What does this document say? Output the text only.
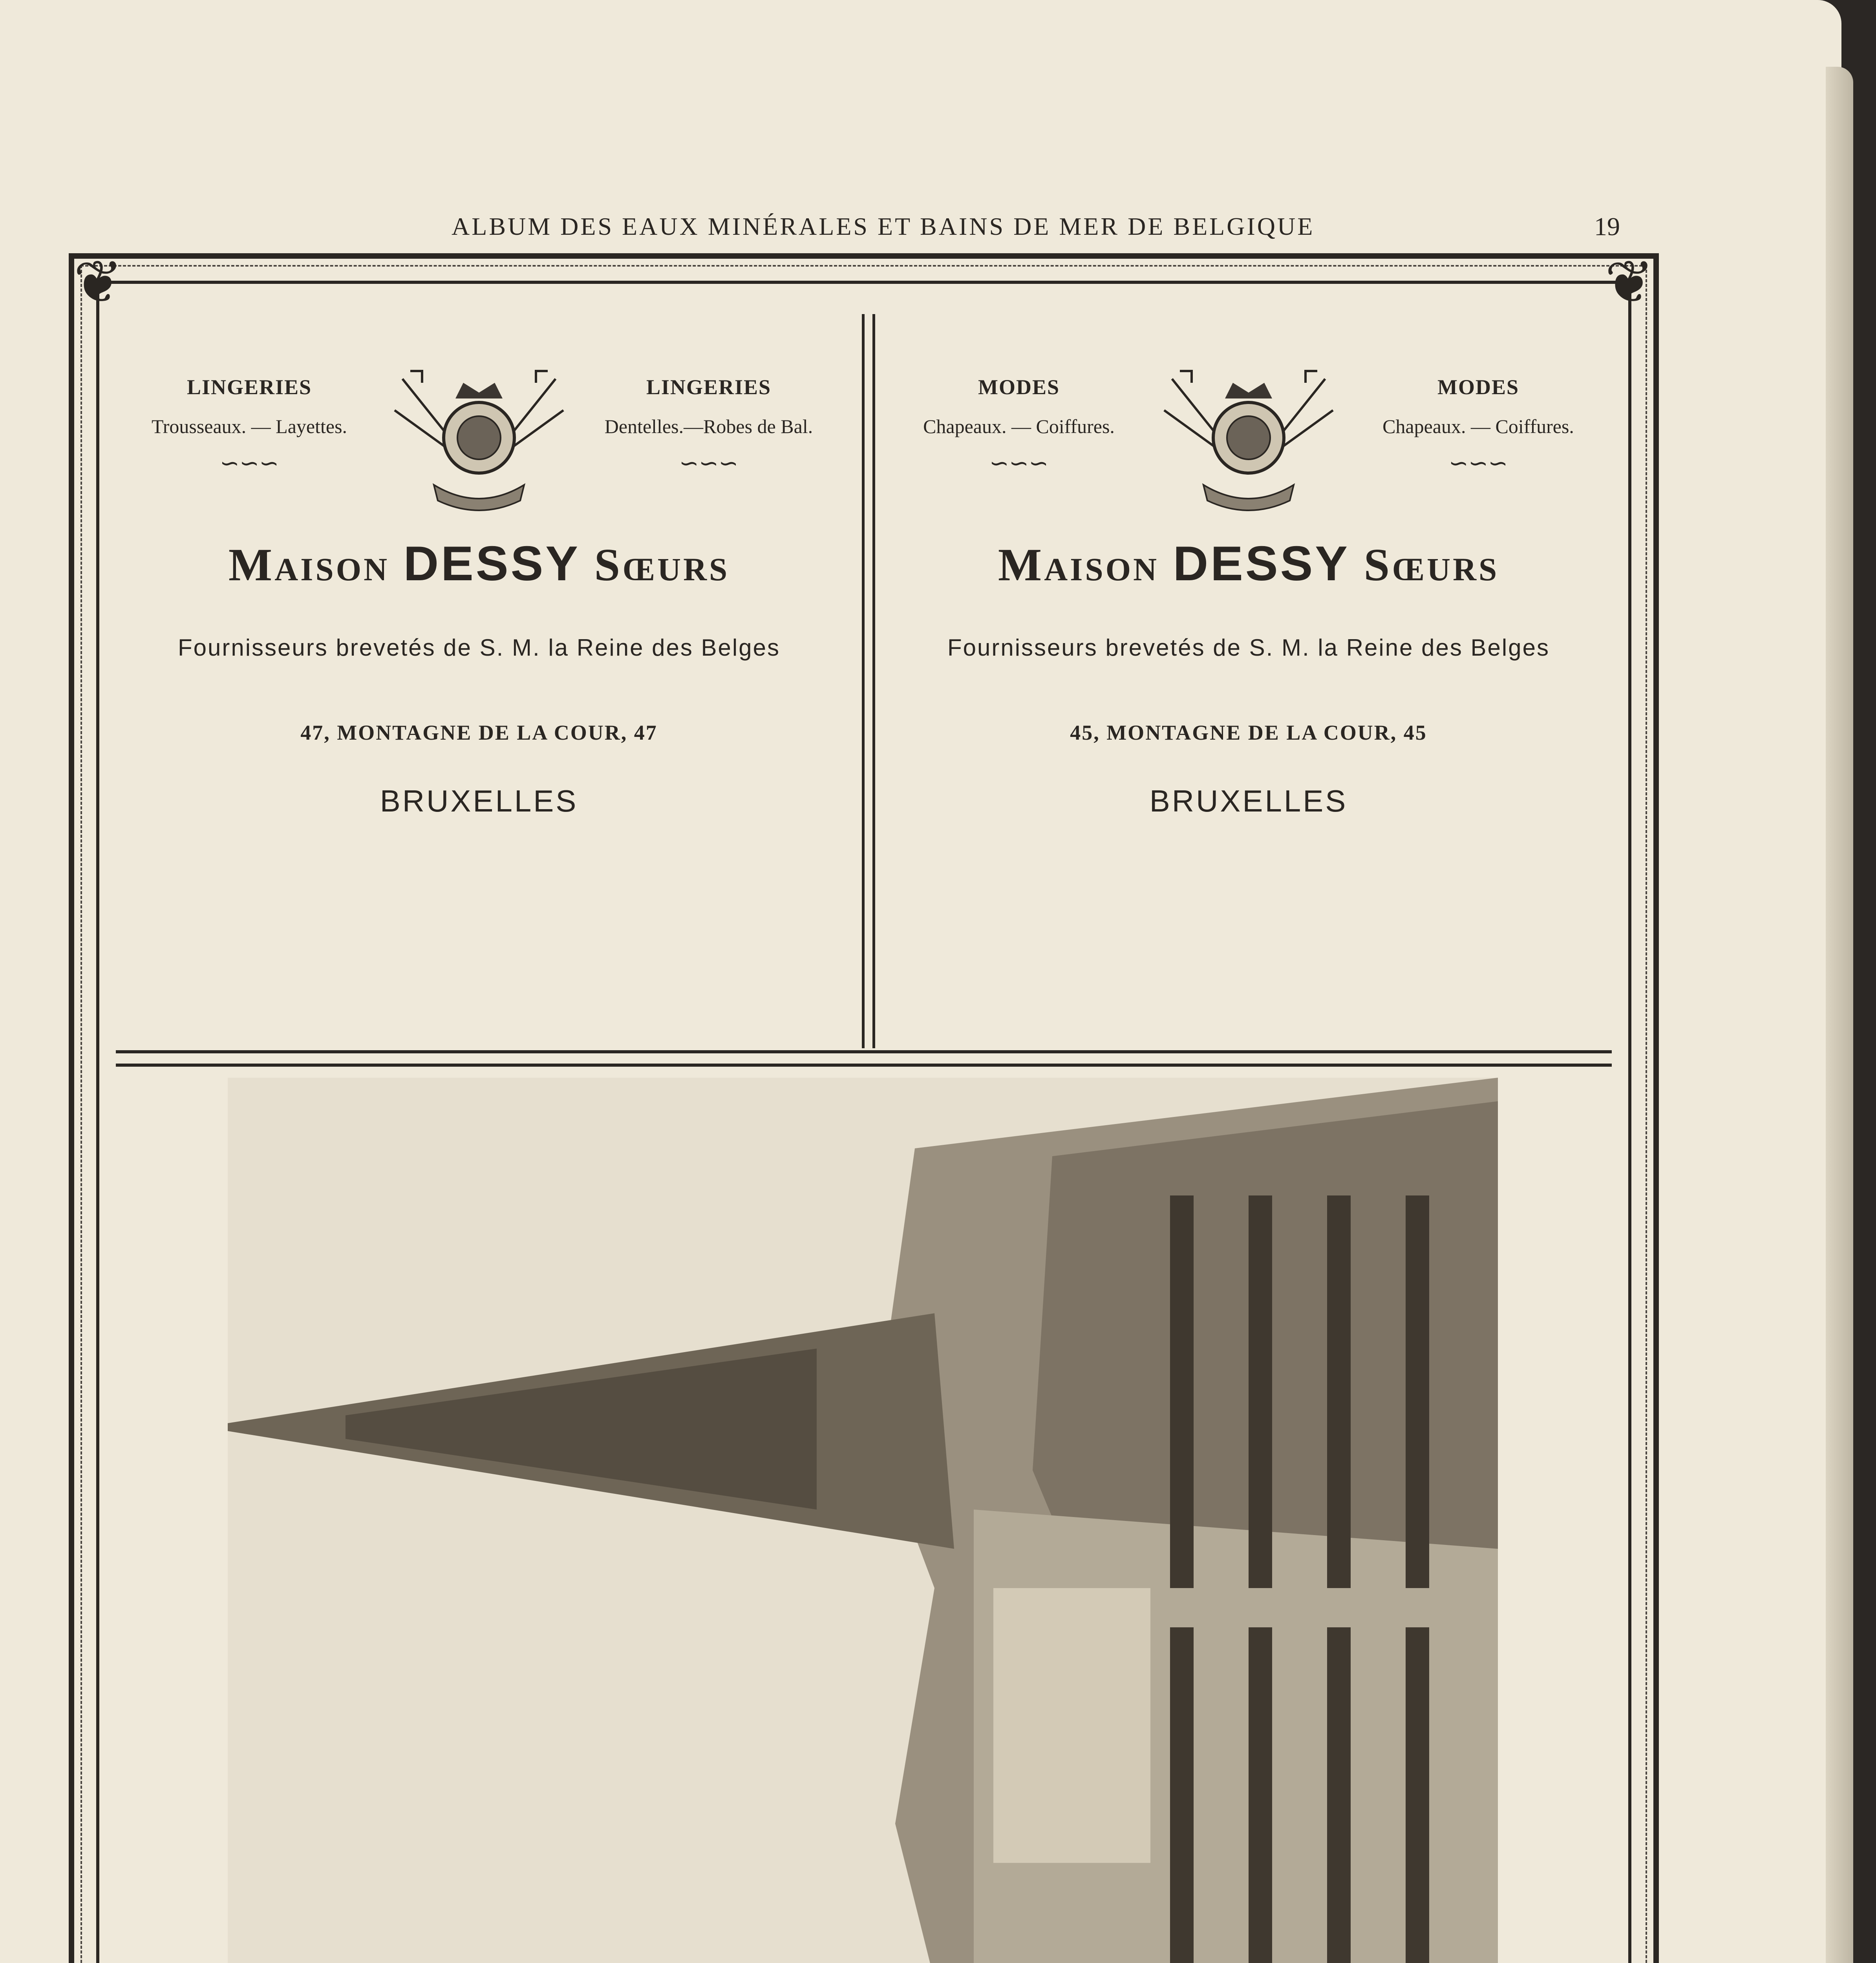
ALBUM DES EAUX MINÉRALES ET BAINS DE MER DE BELGIQUE	19
❦	❦
LINGERIES
Trousseaux. — Layettes.
∽∽∽
LINGERIES
Dentelles.—Robes de Bal.
∽∽∽
Maison DESSY Sœurs
Fournisseurs brevetés de S. M. la Reine des Belges
47, MONTAGNE DE LA COUR, 47
BRUXELLES
MODES
Chapeaux. — Coiffures.
∽∽∽
MODES
Chapeaux. — Coiffures.
∽∽∽
Maison DESSY Sœurs
Fournisseurs brevetés de S. M. la Reine des Belges
45, MONTAGNE DE LA COUR, 45
BRUXELLES
